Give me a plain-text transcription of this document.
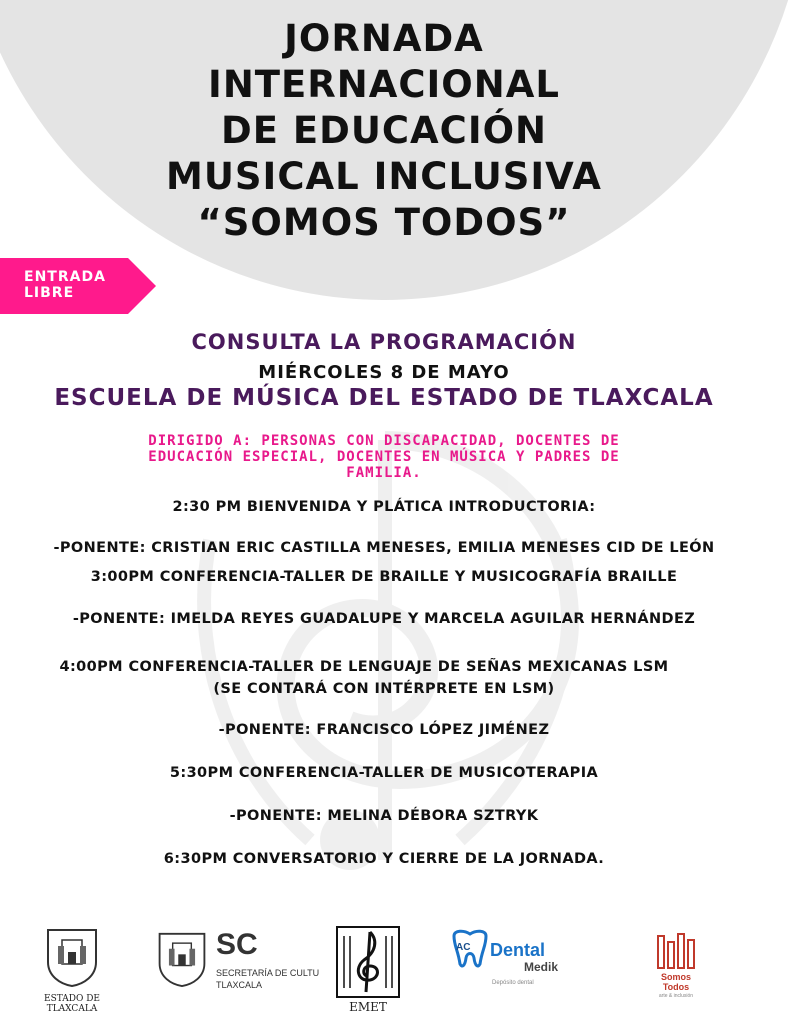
JORNADA
INTERNACIONAL
DE EDUCACIÓN
MUSICAL INCLUSIVA
“SOMOS TODOS”
ENTRADA
LIBRE
CONSULTA LA PROGRAMACIÓN
MIÉRCOLES 8 DE MAYO
ESCUELA DE MÚSICA DEL ESTADO DE TLAXCALA
DIRIGIDO A: PERSONAS CON DISCAPACIDAD, DOCENTES DE
EDUCACIÓN ESPECIAL, DOCENTES EN MÚSICA Y PADRES DE
FAMILIA.
2:30 PM BIENVENIDA Y PLÁTICA INTRODUCTORIA:
-PONENTE: CRISTIAN ERIC CASTILLA MENESES, EMILIA MENESES CID DE LEÓN
3:00PM CONFERENCIA-TALLER DE BRAILLE Y MUSICOGRAFÍA BRAILLE
-PONENTE: IMELDA REYES GUADALUPE Y MARCELA AGUILAR HERNÁNDEZ
4:00PM CONFERENCIA-TALLER DE LENGUAJE DE SEÑAS MEXICANAS LSM
(SE CONTARÁ CON INTÉRPRETE EN LSM)
-PONENTE: FRANCISCO LÓPEZ JIMÉNEZ
5:30PM CONFERENCIA-TALLER DE MUSICOTERAPIA
-PONENTE: MELINA DÉBORA SZTRYK
6:30PM CONVERSATORIO Y CIERRE DE LA JORNADA.
ESTADO DE TLAXCALA
SC
SECRETARÍA DE CULTU
TLAXCALA
EMET
AC Dental
Medik
Depósito dental
Somos
Todos
arte & inclusión
